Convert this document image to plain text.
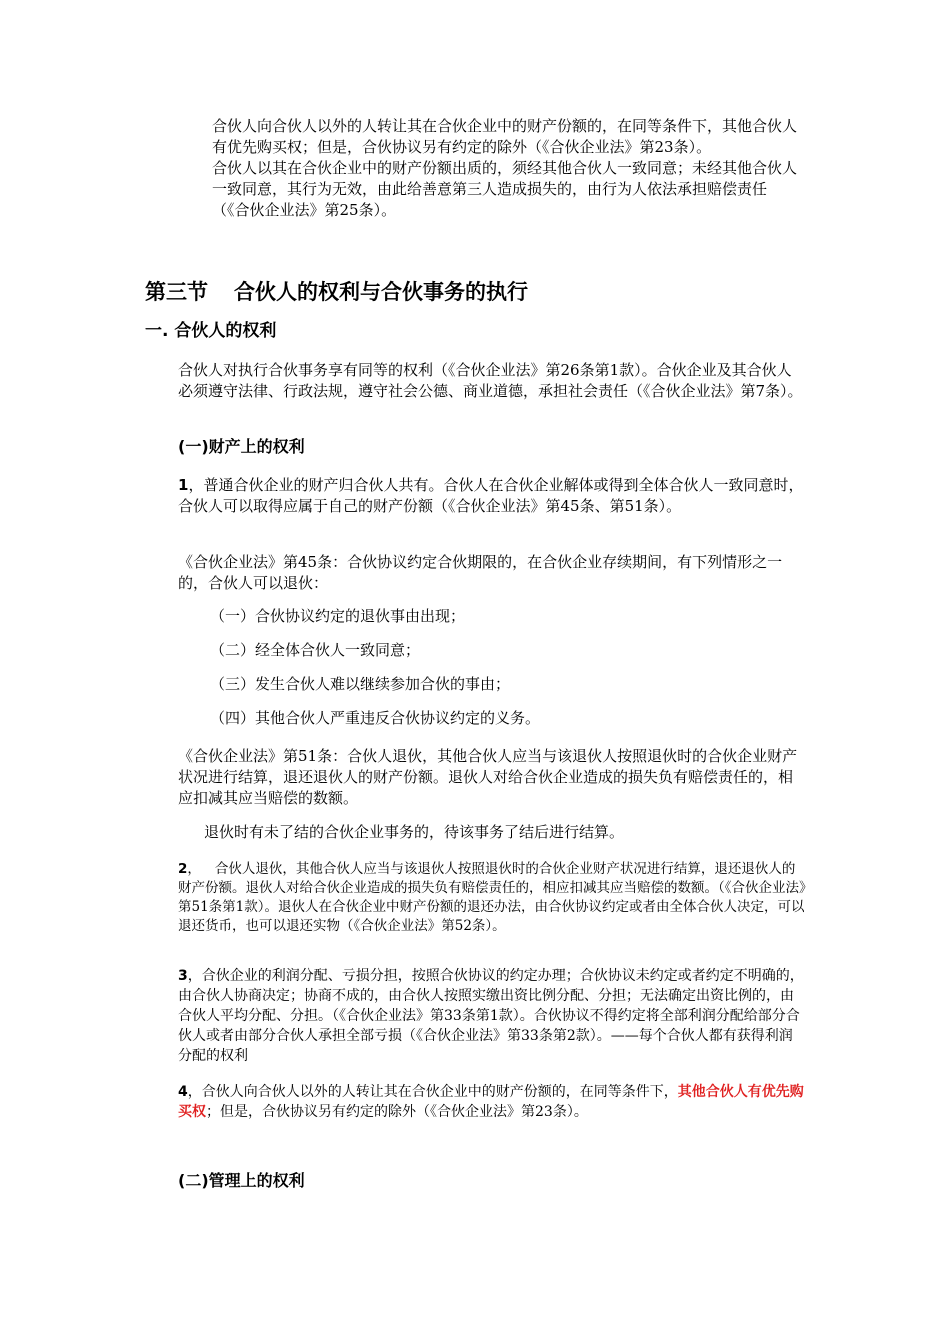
合伙人向合伙人以外的人转让其在合伙企业中的财产份额的，在同等条件下，其他合伙人有优先购买权；但是，合伙协议另有约定的除外（《合伙企业法》第23条）。
合伙人以其在合伙企业中的财产份额出质的，须经其他合伙人一致同意；未经其他合伙人一致同意，其行为无效，由此给善意第三人造成损失的，由行为人依法承担赔偿责任（《合伙企业法》第25条）。
第三节 合伙人的权利与合伙事务的执行
一. 合伙人的权利
合伙人对执行合伙事务享有同等的权利（《合伙企业法》第26条第1款）。合伙企业及其合伙人必须遵守法律、行政法规，遵守社会公德、商业道德，承担社会责任（《合伙企业法》第7条）。
(一)财产上的权利
1，普通合伙企业的财产归合伙人共有。合伙人在合伙企业解体或得到全体合伙人一致同意时，合伙人可以取得应属于自己的财产份额（《合伙企业法》第45条、第51条）。
《合伙企业法》第45条：合伙协议约定合伙期限的，在合伙企业存续期间，有下列情形之一的，合伙人可以退伙：
（一）合伙协议约定的退伙事由出现；
（二）经全体合伙人一致同意；
（三）发生合伙人难以继续参加合伙的事由；
（四）其他合伙人严重违反合伙协议约定的义务。
《合伙企业法》第51条：合伙人退伙，其他合伙人应当与该退伙人按照退伙时的合伙企业财产状况进行结算，退还退伙人的财产份额。退伙人对给合伙企业造成的损失负有赔偿责任的，相应扣减其应当赔偿的数额。
退伙时有未了结的合伙企业事务的，待该事务了结后进行结算。
2， 合伙人退伙，其他合伙人应当与该退伙人按照退伙时的合伙企业财产状况进行结算，退还退伙人的财产份额。退伙人对给合伙企业造成的损失负有赔偿责任的，相应扣减其应当赔偿的数额。（《合伙企业法》第51条第1款）。退伙人在合伙企业中财产份额的退还办法，由合伙协议约定或者由全体合伙人决定，可以退还货币，也可以退还实物（《合伙企业法》第52条）。
3，合伙企业的利润分配、亏损分担，按照合伙协议的约定办理；合伙协议未约定或者约定不明确的，由合伙人协商决定；协商不成的，由合伙人按照实缴出资比例分配、分担；无法确定出资比例的，由合伙人平均分配、分担。（《合伙企业法》第33条第1款）。合伙协议不得约定将全部利润分配给部分合伙人或者由部分合伙人承担全部亏损（《合伙企业法》第33条第2款）。——每个合伙人都有获得利润分配的权利
4，合伙人向合伙人以外的人转让其在合伙企业中的财产份额的，在同等条件下，其他合伙人有优先购买权；但是，合伙协议另有约定的除外（《合伙企业法》第23条）。
(二)管理上的权利
